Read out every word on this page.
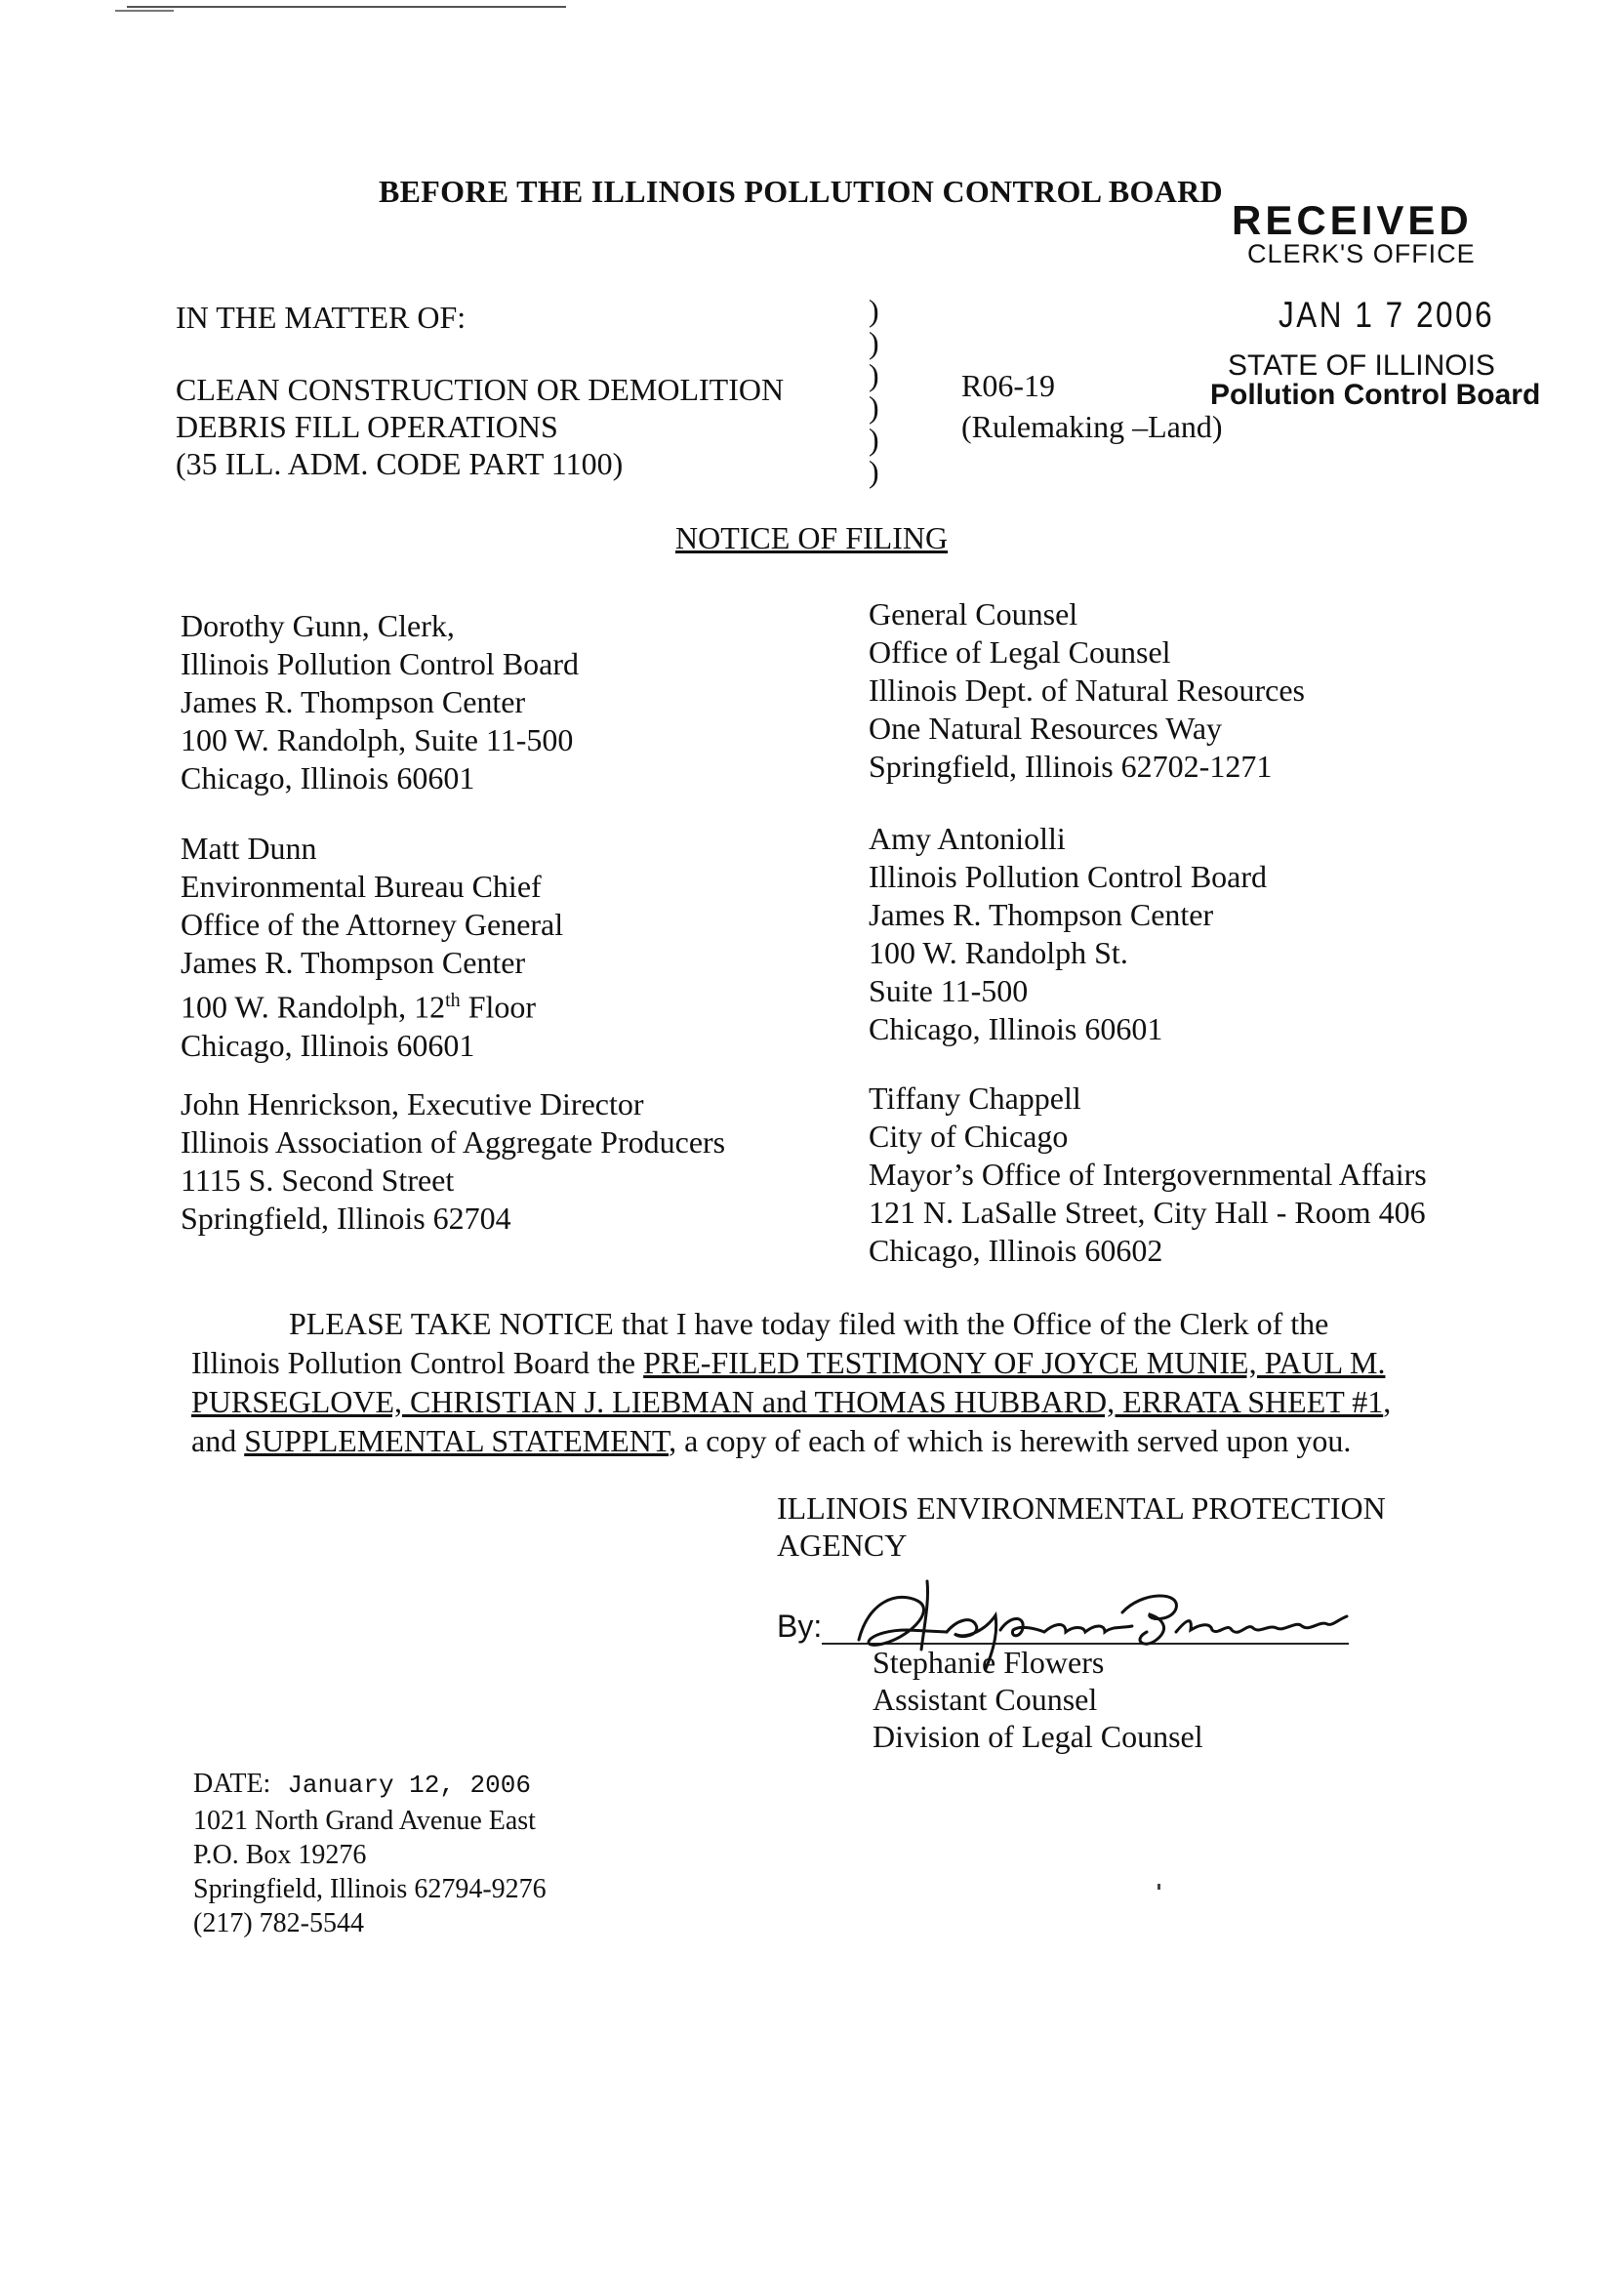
BEFORE THE ILLINOIS POLLUTION CONTROL BOARD
RECEIVED
CLERK'S OFFICE
JAN 1 7 2006
STATE OF ILLINOIS
Pollution Control Board
IN THE MATTER OF:
CLEAN CONSTRUCTION OR DEMOLITION
DEBRIS FILL OPERATIONS
(35 ILL. ADM. CODE PART 1100)
)
)
)
)
)
)
R06-19
(Rulemaking –Land)
NOTICE OF FILING
Dorothy Gunn, Clerk,
Illinois Pollution Control Board
James R. Thompson Center
100 W. Randolph, Suite 11-500
Chicago, Illinois 60601
Matt Dunn
Environmental Bureau Chief
Office of the Attorney General
James R. Thompson Center
100 W. Randolph, 12th Floor
Chicago, Illinois 60601
John Henrickson, Executive Director
Illinois Association of Aggregate Producers
1115 S. Second Street
Springfield, Illinois 62704
General Counsel
Office of Legal Counsel
Illinois Dept. of Natural Resources
One Natural Resources Way
Springfield, Illinois 62702-1271
Amy Antoniolli
Illinois Pollution Control Board
James R. Thompson Center
100 W. Randolph St.
Suite 11-500
Chicago, Illinois 60601
Tiffany Chappell
City of Chicago
Mayor’s Office of Intergovernmental Affairs
121 N. LaSalle Street, City Hall - Room 406
Chicago, Illinois 60602
PLEASE TAKE NOTICE that I have today filed with the Office of the Clerk of the
Illinois Pollution Control Board the PRE-FILED TESTIMONY OF JOYCE MUNIE, PAUL M.
PURSEGLOVE, CHRISTIAN J. LIEBMAN and THOMAS HUBBARD, ERRATA SHEET #1,
and SUPPLEMENTAL STATEMENT, a copy of each of which is herewith served upon you.
ILLINOIS ENVIRONMENTAL PROTECTION
AGENCY
By:
Stephanie Flowers
Assistant Counsel
Division of Legal Counsel
DATE: January 12, 2006
1021 North Grand Avenue East
P.O. Box 19276
Springfield, Illinois 62794-9276
(217) 782-5544
